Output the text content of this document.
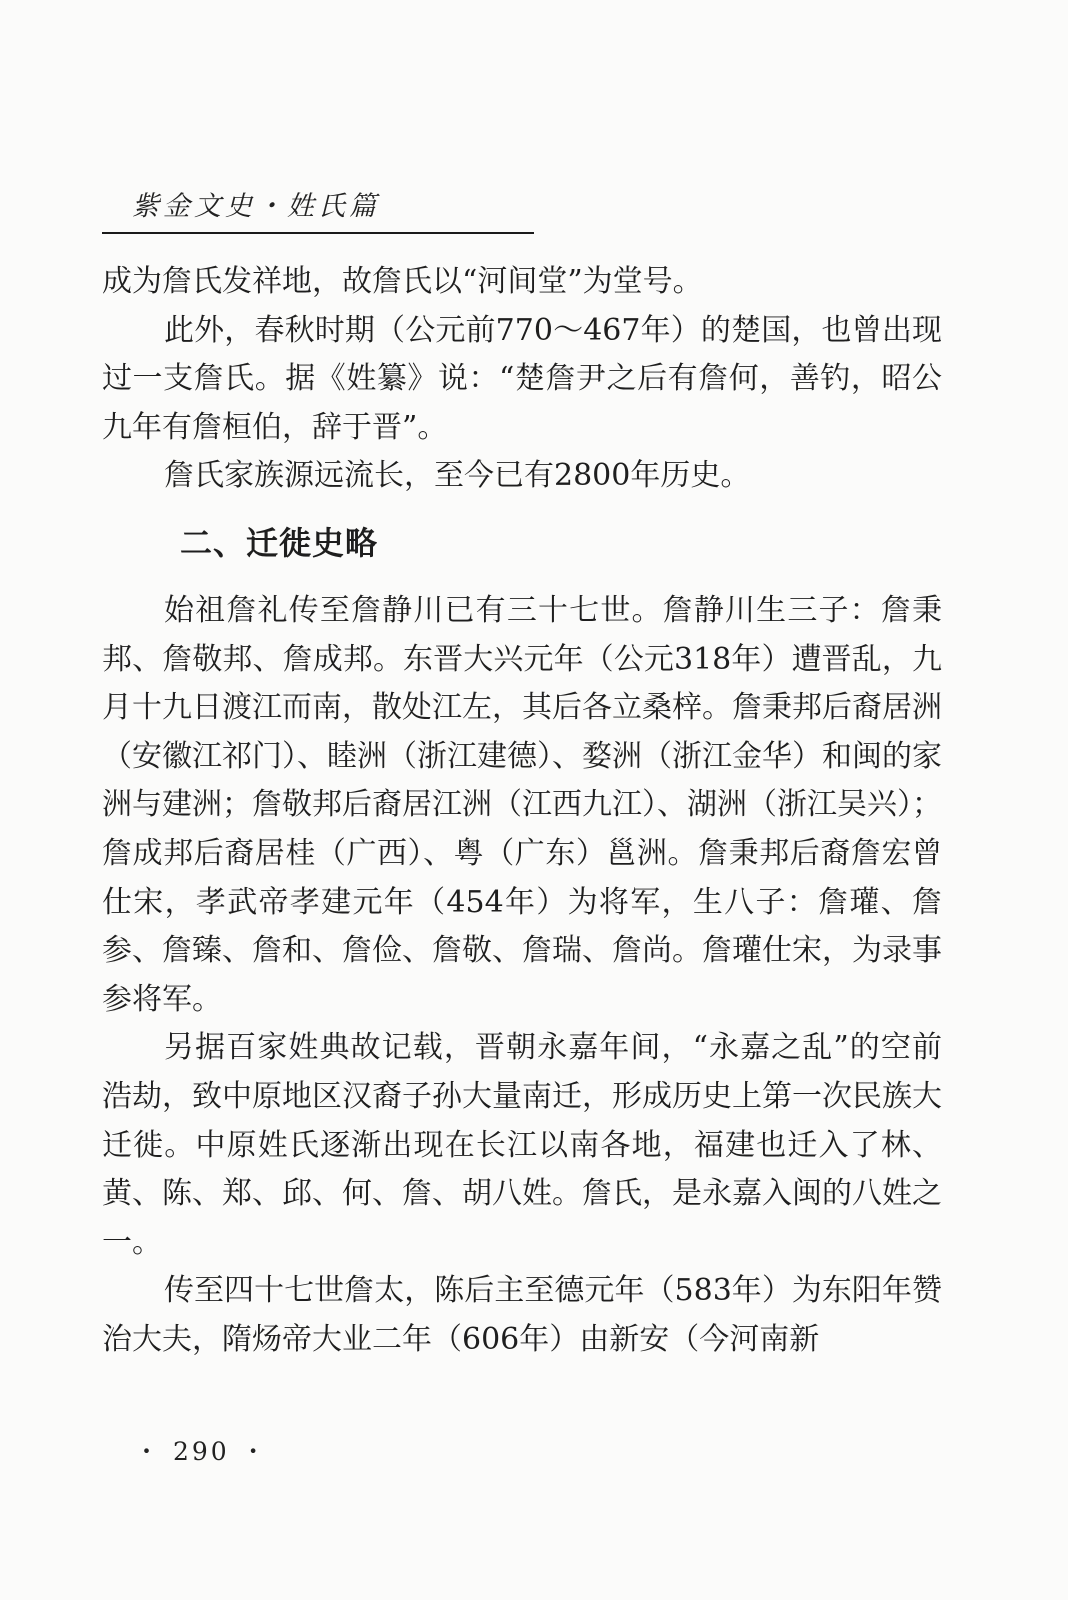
紫金文史・姓氏篇

成为詹氏发祥地，故詹氏以“河间堂”为堂号。

此外，春秋时期（公元前770～467年）的楚国，也曾出现过一支詹氏。据《姓纂》说：“楚詹尹之后有詹何，善钓，昭公九年有詹桓伯，辞于晋”。

詹氏家族源远流长，至今已有2800年历史。

二、迁徙史略

始祖詹礼传至詹静川已有三十七世。詹静川生三子：詹秉邦、詹敬邦、詹成邦。东晋大兴元年（公元318年）遭晋乱，九月十九日渡江而南，散处江左，其后各立桑梓。詹秉邦后裔居洲（安徽江祁门）、睦洲（浙江建德）、婺洲（浙江金华）和闽的家洲与建洲；詹敬邦后裔居江洲（江西九江）、湖洲（浙江吴兴）；詹成邦后裔居桂（广西）、粤（广东）邕洲。詹秉邦后裔詹宏曾仕宋，孝武帝孝建元年（454年）为将军，生八子：詹瓘、詹参、詹臻、詹和、詹俭、詹敬、詹瑞、詹尚。詹瓘仕宋，为录事参将军。

另据百家姓典故记载，晋朝永嘉年间，“永嘉之乱”的空前浩劫，致中原地区汉裔子孙大量南迁，形成历史上第一次民族大迁徙。中原姓氏逐渐出现在长江以南各地，福建也迁入了林、黄、陈、郑、邱、何、詹、胡八姓。詹氏，是永嘉入闽的八姓之一。

传至四十七世詹太，陈后主至德元年（583年）为东阳年赞治大夫，隋炀帝大业二年（606年）由新安（今河南新

・ 290 ・
